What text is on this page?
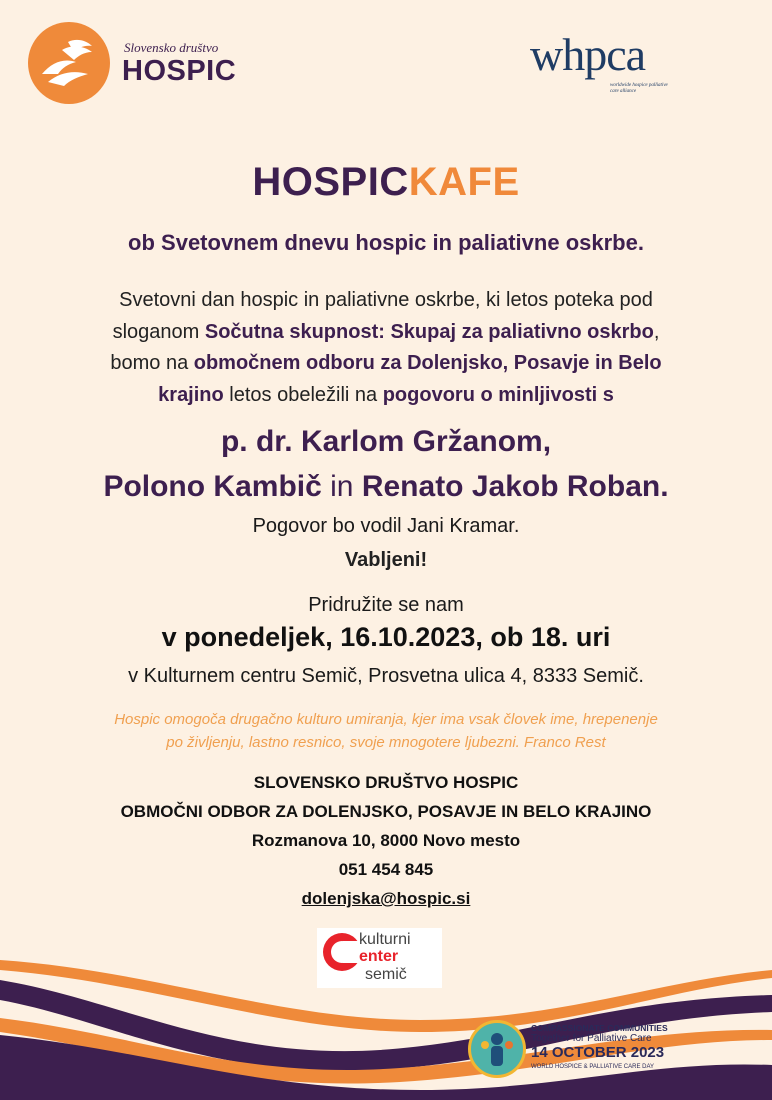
Slovensko društvo
HOSPIC	whpca
worldwide hospice palliative care alliance
HOSPICKAFE
ob Svetovnem dnevu hospic in paliativne oskrbe.
Svetovni dan hospic in paliativne oskrbe, ki letos poteka pod
sloganom Sočutna skupnost: Skupaj za paliativno oskrbo,
bomo na območnem odboru za Dolenjsko, Posavje in Belo
krajino letos obeležili na pogovoru o minljivosti s
p. dr. Karlom Gržanom,
Polono Kambič in Renato Jakob Roban.
Pogovor bo vodil Jani Kramar.
Vabljeni!
Pridružite se nam
v ponedeljek, 16.10.2023, ob 18. uri
v Kulturnem centru Semič, Prosvetna ulica 4, 8333 Semič.
Hospic omogoča drugačno kulturo umiranja, kjer ima vsak človek ime, hrepenenje
po življenju, lastno resnico, svoje mnogotere ljubezni. Franco Rest
SLOVENSKO DRUŠTVO HOSPIC
OBMOČNI ODBOR ZA DOLENJSKO, POSAVJE IN BELO KRAJINO
Rozmanova 10, 8000 Novo mesto
051 454 845
dolenjska@hospic.si
kulturni
enter
semič
COMPASSIONATE COMMUNITIES
Together for Palliative Care
14 OCTOBER 2023
WORLD HOSPICE & PALLIATIVE CARE DAY
